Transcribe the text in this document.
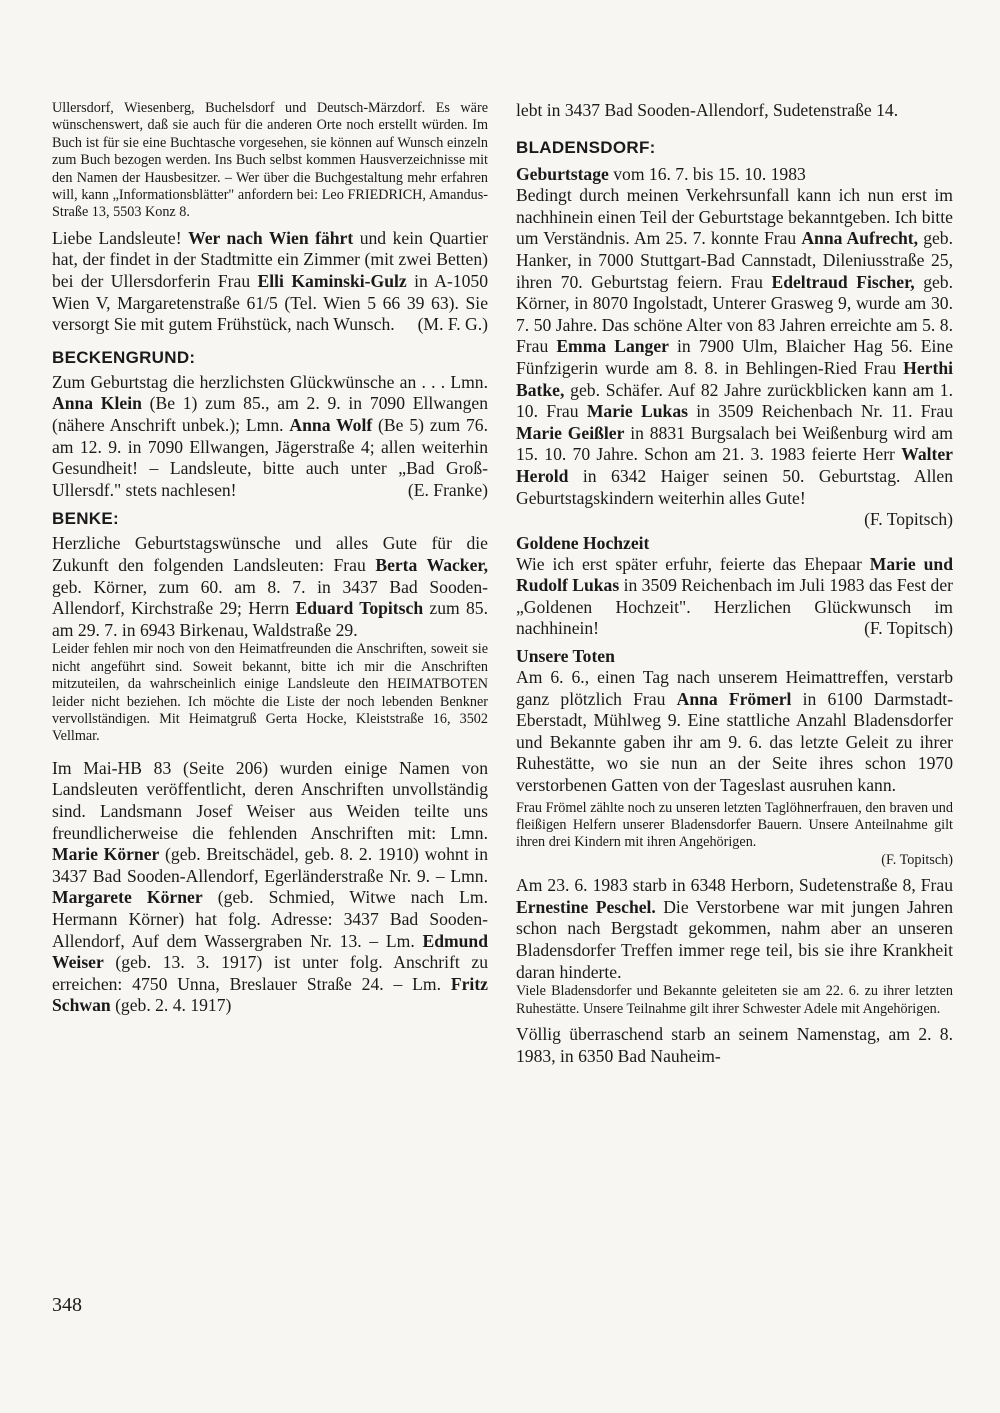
Ullersdorf, Wiesenberg, Buchelsdorf und Deutsch-Märzdorf. Es wäre wünschenswert, daß sie auch für die anderen Orte noch erstellt würden. Im Buch ist für sie eine Buchtasche vorgesehen, sie können auf Wunsch einzeln zum Buch bezogen werden. Ins Buch selbst kommen Hausverzeichnisse mit den Namen der Hausbesitzer. – Wer über die Buchgestaltung mehr erfahren will, kann „Informationsblätter" anfordern bei: Leo FRIEDRICH, Amandus-Straße 13, 5503 Konz 8.

Liebe Landsleute! Wer nach Wien fährt und kein Quartier hat, der findet in der Stadtmitte ein Zimmer (mit zwei Betten) bei der Ullersdorferin Frau Elli Kaminski-Gulz in A-1050 Wien V, Margaretenstraße 61/5 (Tel. Wien 5 66 39 63). Sie versorgt Sie mit gutem Frühstück, nach Wunsch. (M. F. G.)

BECKENGRUND:

Zum Geburtstag die herzlichsten Glückwünsche an . . . Lmn. Anna Klein (Be 1) zum 85., am 2. 9. in 7090 Ellwangen (nähere Anschrift unbek.); Lmn. Anna Wolf (Be 5) zum 76. am 12. 9. in 7090 Ellwangen, Jägerstraße 4; allen weiterhin Gesundheit! – Landsleute, bitte auch unter „Bad Groß-Ullersdf." stets nachlesen!	(E. Franke)

BENKE:

Herzliche Geburtstagswünsche und alles Gute für die Zukunft den folgenden Landsleuten: Frau Berta Wacker, geb. Körner, zum 60. am 8. 7. in 3437 Bad Sooden-Allendorf, Kirchstraße 29; Herrn Eduard Topitsch zum 85. am 29. 7. in 6943 Birkenau, Waldstraße 29.

Leider fehlen mir noch von den Heimatfreunden die Anschriften, soweit sie nicht angeführt sind. Soweit bekannt, bitte ich mir die Anschriften mitzuteilen, da wahrscheinlich einige Landsleute den HEIMATBOTEN leider nicht beziehen. Ich möchte die Liste der noch lebenden Benkner vervollständigen. Mit Heimatgruß Gerta Hocke, Kleiststraße 16, 3502 Vellmar.

Im Mai-HB 83 (Seite 206) wurden einige Namen von Landsleuten veröffentlicht, deren Anschriften unvollständig sind. Landsmann Josef Weiser aus Weiden teilte uns freundlicherweise die fehlenden Anschriften mit: Lmn. Marie Körner (geb. Breitschädel, geb. 8. 2. 1910) wohnt in 3437 Bad Sooden-Allendorf, Egerländerstraße Nr. 9. – Lmn. Margarete Körner (geb. Schmied, Witwe nach Lm. Hermann Körner) hat folg. Adresse: 3437 Bad Sooden-Allendorf, Auf dem Wassergraben Nr. 13. – Lm. Edmund Weiser (geb. 13. 3. 1917) ist unter folg. Anschrift zu erreichen: 4750 Unna, Breslauer Straße 24. – Lm. Fritz Schwan (geb. 2. 4. 1917)

lebt in 3437 Bad Sooden-Allendorf, Sudetenstraße 14.

BLADENSDORF:

Geburtstage vom 16. 7. bis 15. 10. 1983

Bedingt durch meinen Verkehrsunfall kann ich nun erst im nachhinein einen Teil der Geburtstage bekanntgeben. Ich bitte um Verständnis. Am 25. 7. konnte Frau Anna Aufrecht, geb. Hanker, in 7000 Stuttgart-Bad Cannstadt, Dileniusstraße 25, ihren 70. Geburtstag feiern. Frau Edeltraud Fischer, geb. Körner, in 8070 Ingolstadt, Unterer Grasweg 9, wurde am 30. 7. 50 Jahre. Das schöne Alter von 83 Jahren erreichte am 5. 8. Frau Emma Langer in 7900 Ulm, Blaicher Hag 56. Eine Fünfzigerin wurde am 8. 8. in Behlingen-Ried Frau Herthi Batke, geb. Schäfer. Auf 82 Jahre zurückblicken kann am 1. 10. Frau Marie Lukas in 3509 Reichenbach Nr. 11. Frau Marie Geißler in 8831 Burgsalach bei Weißenburg wird am 15. 10. 70 Jahre. Schon am 21. 3. 1983 feierte Herr Walter Herold in 6342 Haiger seinen 50. Geburtstag. Allen Geburtstagskindern weiterhin alles Gute!
(F. Topitsch)

Goldene Hochzeit

Wie ich erst später erfuhr, feierte das Ehepaar Marie und Rudolf Lukas in 3509 Reichenbach im Juli 1983 das Fest der „Goldenen Hochzeit". Herzlichen Glückwunsch im nachhinein!	(F. Topitsch)

Unsere Toten

Am 6. 6., einen Tag nach unserem Heimattreffen, verstarb ganz plötzlich Frau Anna Frömerl in 6100 Darmstadt-Eberstadt, Mühlweg 9. Eine stattliche Anzahl Bladensdorfer und Bekannte gaben ihr am 9. 6. das letzte Geleit zu ihrer Ruhestätte, wo sie nun an der Seite ihres schon 1970 verstorbenen Gatten von der Tageslast ausruhen kann.

Frau Frömel zählte noch zu unseren letzten Taglöhnerfrauen, den braven und fleißigen Helfern unserer Bladensdorfer Bauern. Unsere Anteilnahme gilt ihren drei Kindern mit ihren Angehörigen.

(F. Topitsch)

Am 23. 6. 1983 starb in 6348 Herborn, Sudetenstraße 8, Frau Ernestine Peschel. Die Verstorbene war mit jungen Jahren schon nach Bergstadt gekommen, nahm aber an unseren Bladensdorfer Treffen immer rege teil, bis sie ihre Krankheit daran hinderte.

Viele Bladensdorfer und Bekannte geleiteten sie am 22. 6. zu ihrer letzten Ruhestätte. Unsere Teilnahme gilt ihrer Schwester Adele mit Angehörigen.

Völlig überraschend starb an seinem Namenstag, am 2. 8. 1983, in 6350 Bad Nauheim-

348
